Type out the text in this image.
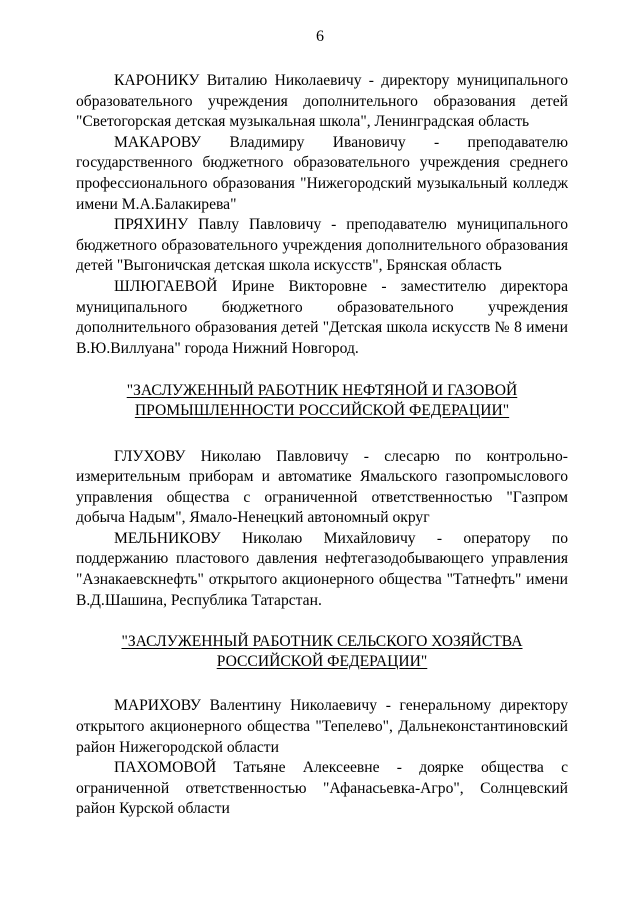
6

КАРОНИКУ Виталию Николаевичу - директору муниципального образовательного учреждения дополнительного образования детей "Светогорская детская музыкальная школа", Ленинградская область

МАКАРОВУ Владимиру Ивановичу - преподавателю государственного бюджетного образовательного учреждения среднего профессионального образования "Нижегородский музыкальный колледж имени М.А.Балакирева"

ПРЯХИНУ Павлу Павловичу - преподавателю муниципального бюджетного образовательного учреждения дополнительного образования детей "Выгоничская детская школа искусств", Брянская область

ШЛЮГАЕВОЙ Ирине Викторовне - заместителю директора муниципального бюджетного образовательного учреждения дополнительного образования детей "Детская школа искусств № 8 имени В.Ю.Виллуана" города Нижний Новгород.

"ЗАСЛУЖЕННЫЙ РАБОТНИК НЕФТЯНОЙ И ГАЗОВОЙ ПРОМЫШЛЕННОСТИ РОССИЙСКОЙ ФЕДЕРАЦИИ"

ГЛУХОВУ Николаю Павловичу - слесарю по контрольно-измерительным приборам и автоматике Ямальского газопромыслового управления общества с ограниченной ответственностью "Газпром добыча Надым", Ямало-Ненецкий автономный округ

МЕЛЬНИКОВУ Николаю Михайловичу - оператору по поддержанию пластового давления нефтегазодобывающего управления "Азнакаевскнефть" открытого акционерного общества "Татнефть" имени В.Д.Шашина, Республика Татарстан.

"ЗАСЛУЖЕННЫЙ РАБОТНИК СЕЛЬСКОГО ХОЗЯЙСТВА РОССИЙСКОЙ ФЕДЕРАЦИИ"

МАРИХОВУ Валентину Николаевичу - генеральному директору открытого акционерного общества "Тепелево", Дальнеконстантиновский район Нижегородской области

ПАХОМОВОЙ Татьяне Алексеевне - доярке общества с ограниченной ответственностью "Афанасьевка-Агро", Солнцевский район Курской области
